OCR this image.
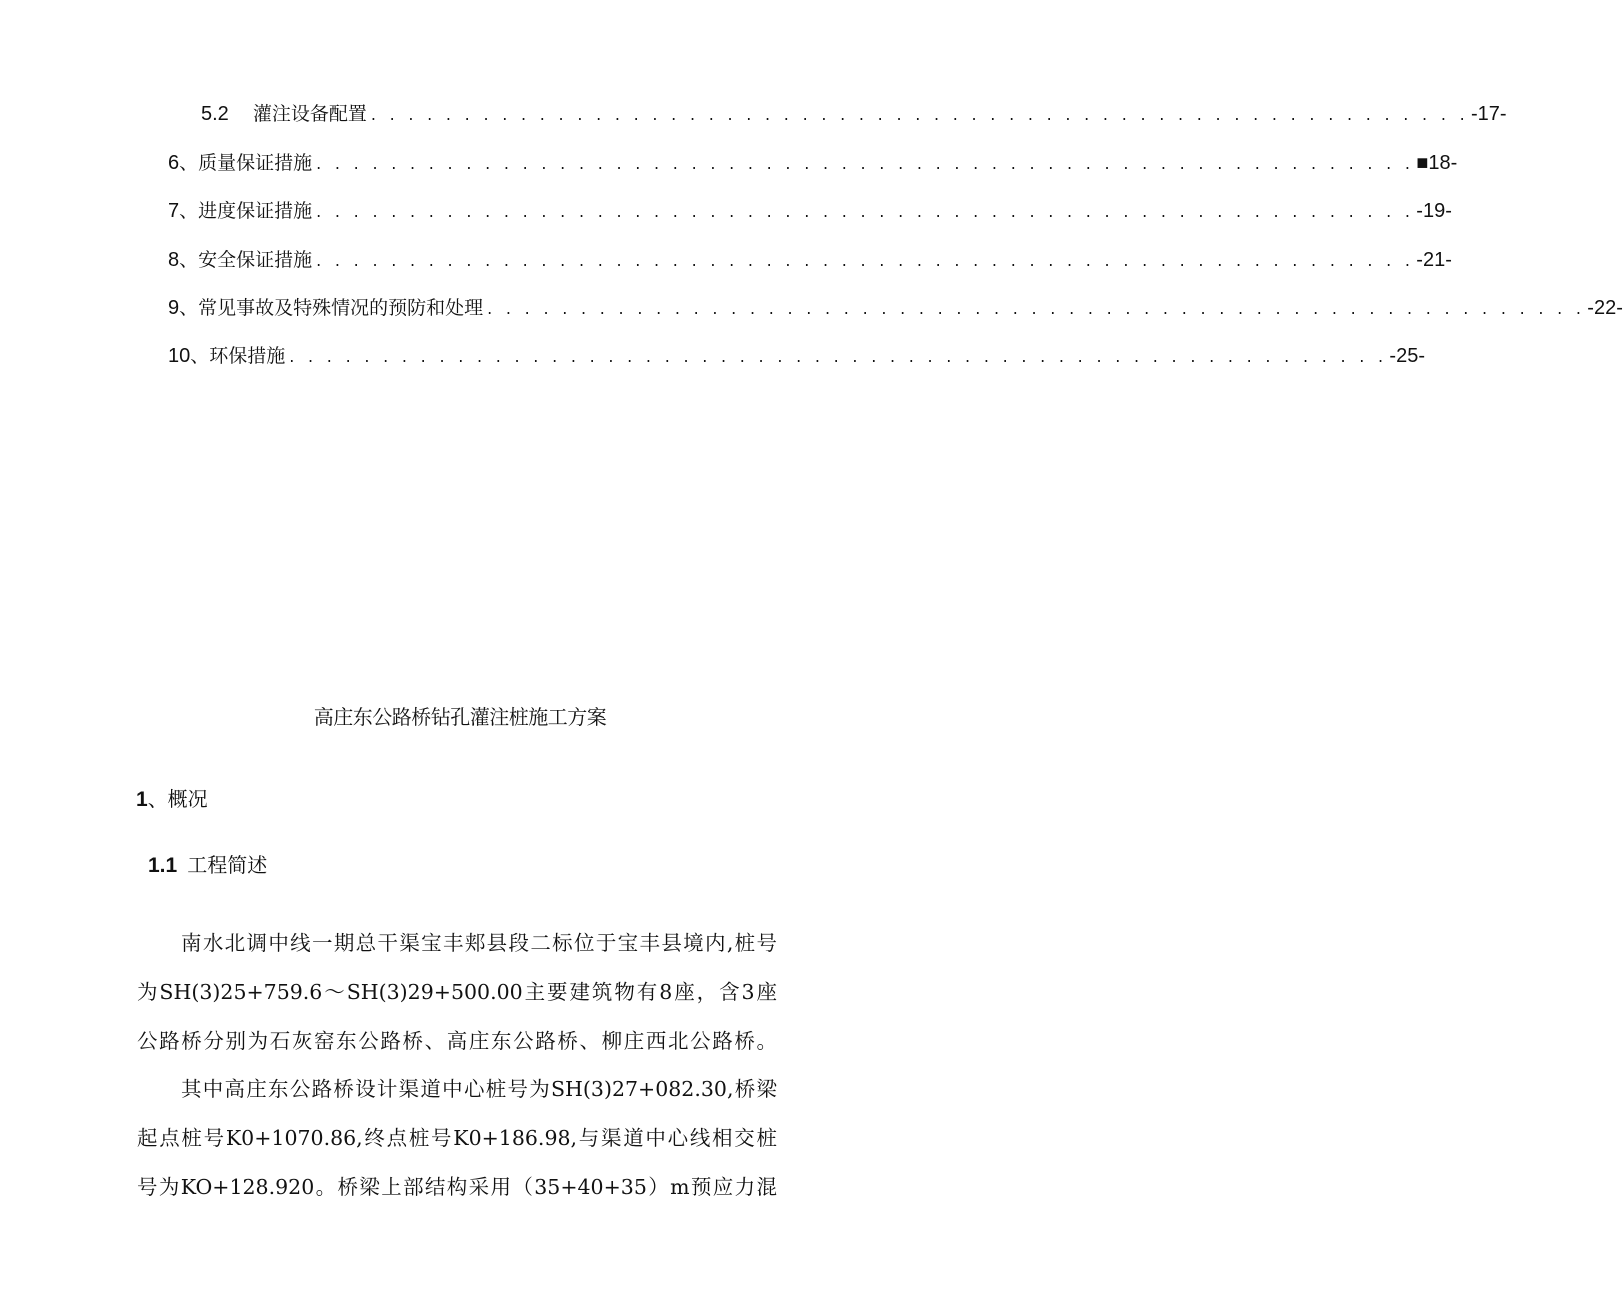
5.2	灌注设备配置 . . . . . . . . . . . . . . . . . . . . . . . . . . . . . . . . . . . . . . . . . . . . . . . . . . . . . . . . . . . -17-
6 、质量保证措施 . . . . . . . . . . . . . . . . . . . . . . . . . . . . . . . . . . . . . . . . . . . . . . . . . . . . . . . . . . . ■18-
7 、进度保证措施 . . . . . . . . . . . . . . . . . . . . . . . . . . . . . . . . . . . . . . . . . . . . . . . . . . . . . . . . . . . -19-
8 、安全保证措施 . . . . . . . . . . . . . . . . . . . . . . . . . . . . . . . . . . . . . . . . . . . . . . . . . . . . . . . . . . . -21-
9 、常见事故及特殊情况的预防和处理 . . . . . . . . . . . . . . . . . . . . . . . . . . . . . . . . . . . . . . . . . . . . . . . . . . . . . . . . . . . -22-
10 、环保措施 . . . . . . . . . . . . . . . . . . . . . . . . . . . . . . . . . . . . . . . . . . . . . . . . . . . . . . . . . . . -25-
高庄东公路桥钻孔灌注桩施工方案
1、概况
1.1 工程简述
南水北调中线一期总干渠宝丰郏县段二标位于宝丰县境内,桩号
为SH(3)25+759.6～SH(3)29+500.00主要建筑物有8座，含3座
公路桥分别为石灰窑东公路桥、高庄东公路桥、柳庄西北公路桥。
其中高庄东公路桥设计渠道中心桩号为SH(3)27+082.30,桥梁
起点桩号K0+1070.86,终点桩号K0+186.98,与渠道中心线相交桩
号为KO+128.920。桥梁上部结构采用（35+40+35）m预应力混
